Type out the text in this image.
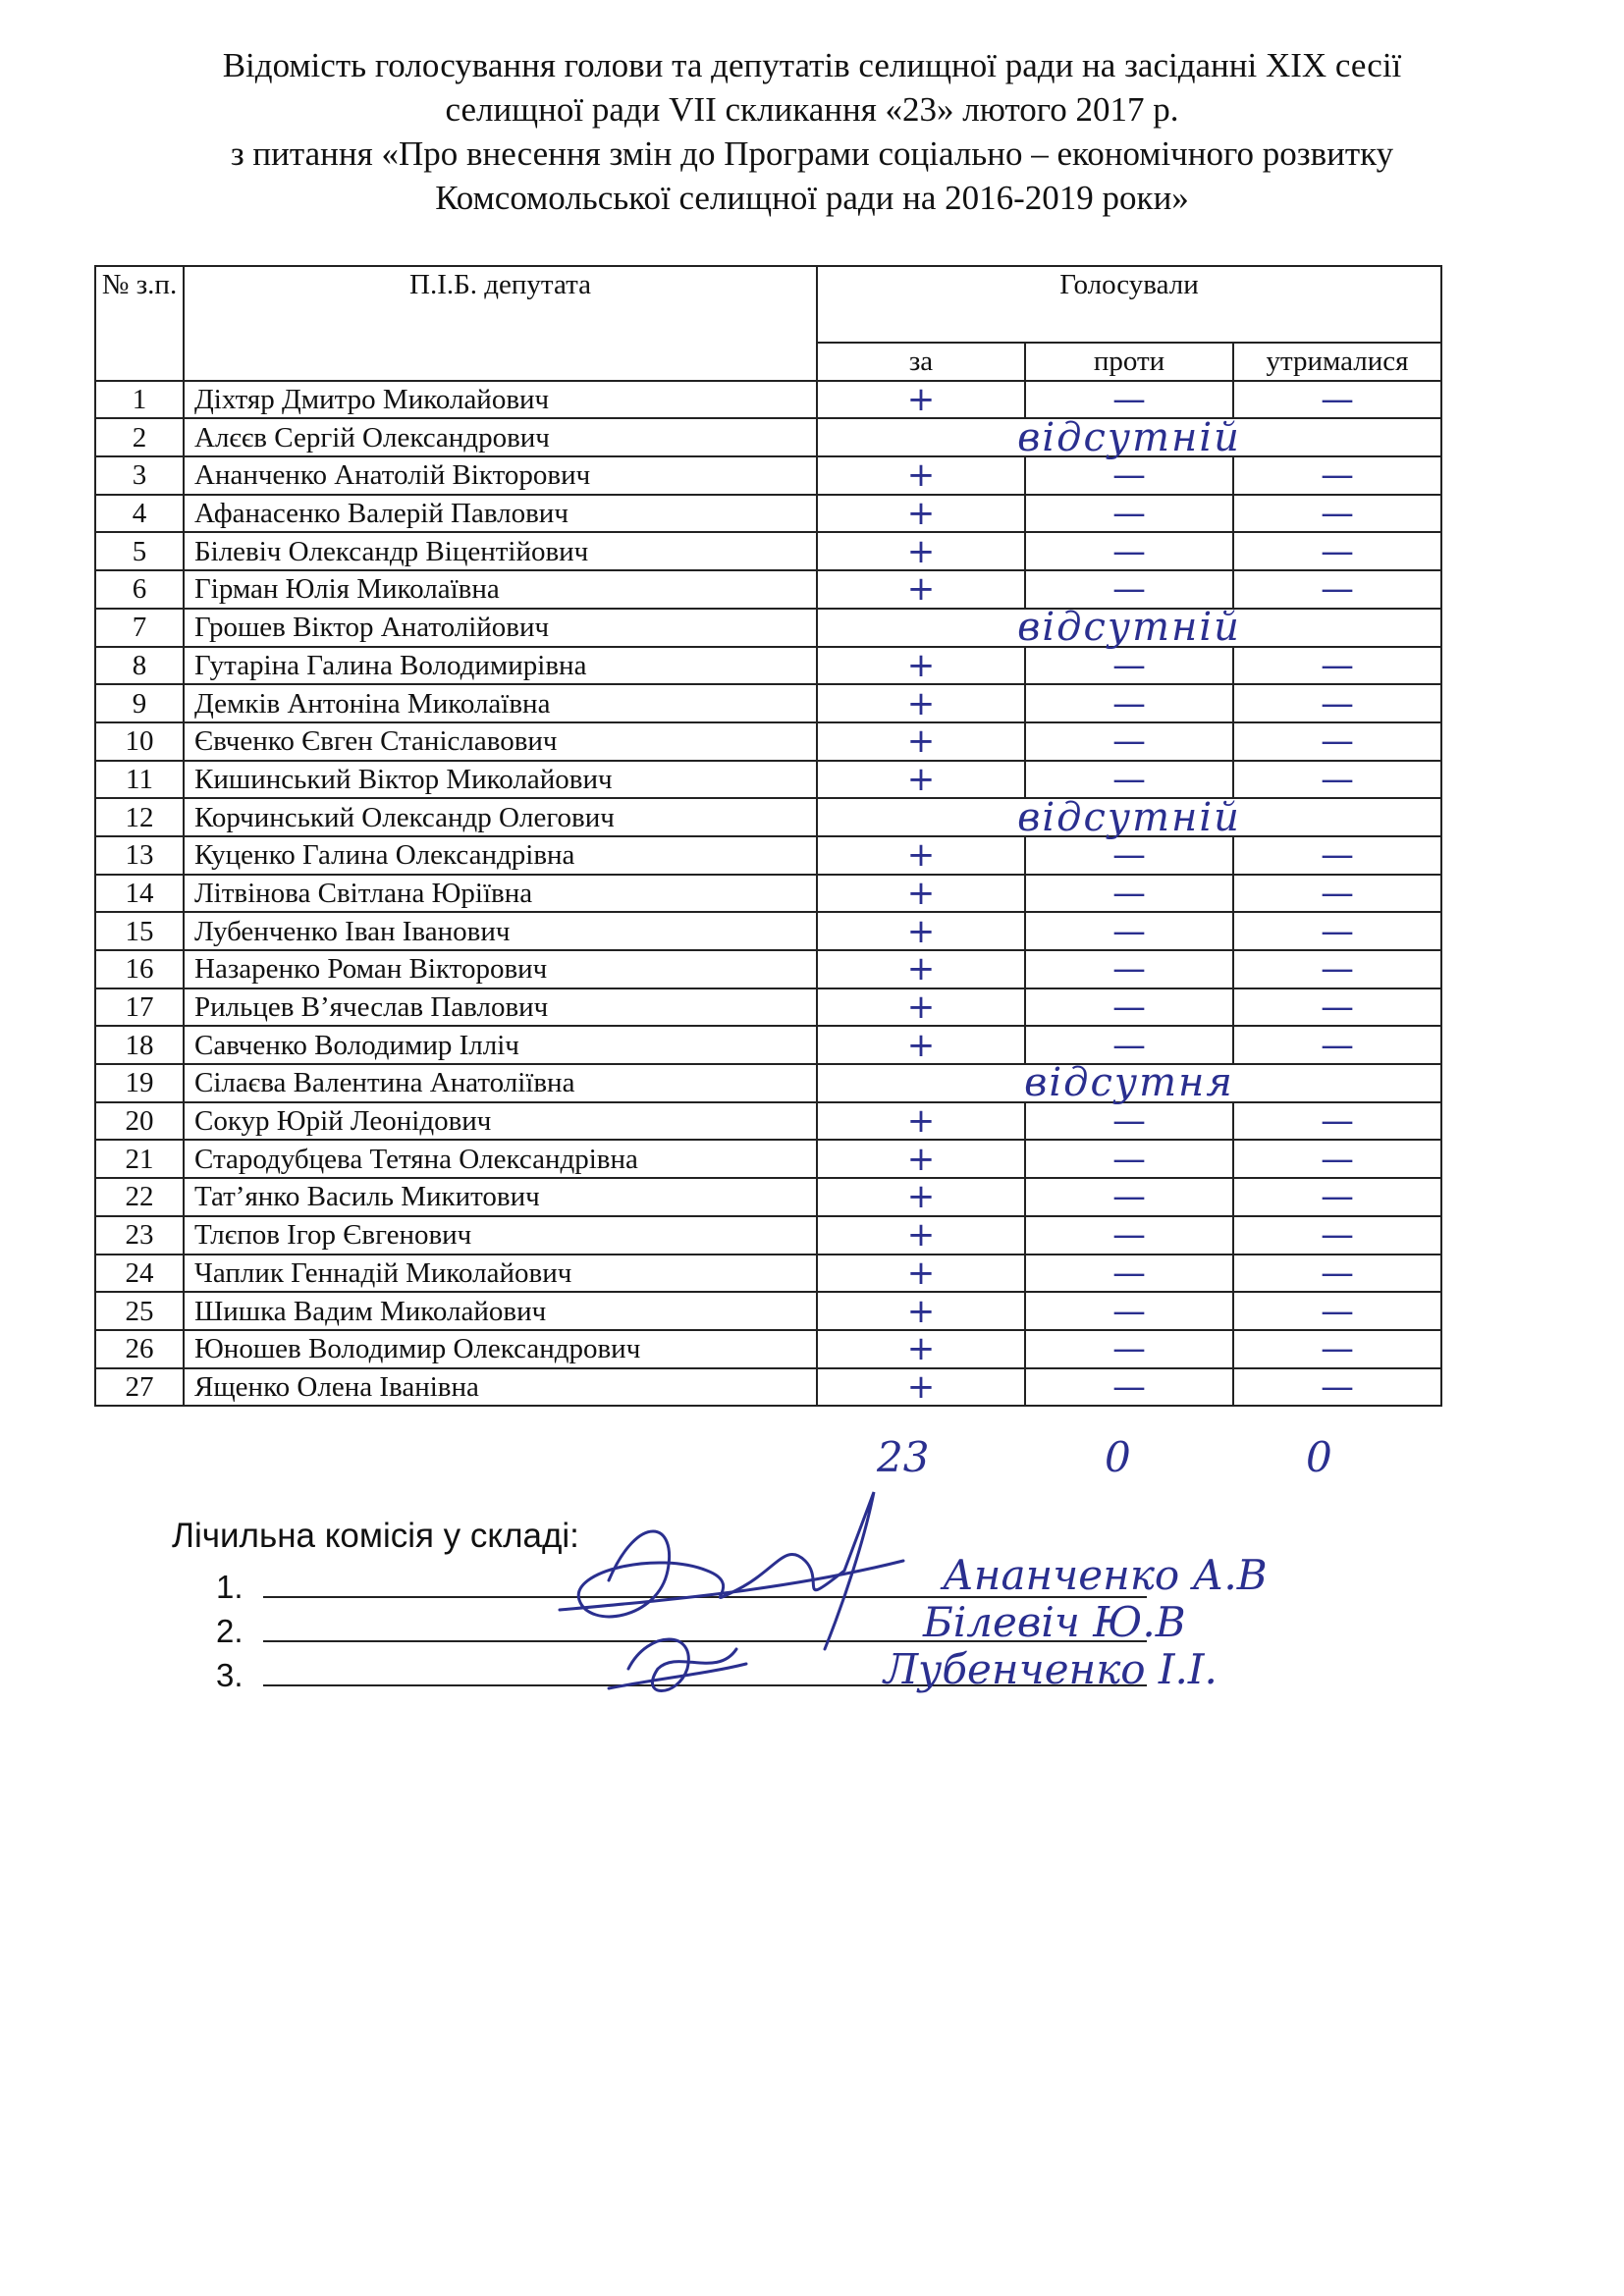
Відомість голосування голови та депутатів селищної ради на засіданні XIX сесії
селищної ради VII скликання «23» лютого 2017 р.
з питання «Про внесення змін до Програми соціально – економічного розвитку
Комсомольської селищної ради на 2016-2019 роки»
№ з.п.	П.І.Б. депутата	Голосували		
		за	проти	утрималися
1	Діхтяр Дмитро Миколайович	+	—	—
2	Алєєв Сергій Олександрович	відсутній		
3	Ананченко Анатолій Вікторович	+	—	—
4	Афанасенко Валерій Павлович	+	—	—
5	Білевіч Олександр Віцентійович	+	—	—
6	Гірман Юлія Миколаївна	+	—	—
7	Грошев Віктор Анатолійович	відсутній		
8	Гутаріна Галина Володимирівна	+	—	—
9	Демків Антоніна Миколаївна	+	—	—
10	Євченко Євген Станіславович	+	—	—
11	Кишинський Віктор Миколайович	+	—	—
12	Корчинський Олександр Олегович	відсутній		
13	Куценко Галина Олександрівна	+	—	—
14	Літвінова Світлана Юріївна	+	—	—
15	Лубенченко Іван Іванович	+	—	—
16	Назаренко Роман Вікторович	+	—	—
17	Рильцев В’ячеслав Павлович	+	—	—
18	Савченко Володимир Ілліч	+	—	—
19	Сілаєва Валентина Анатоліївна	відсутня		
20	Сокур Юрій Леонідович	+	—	—
21	Стародубцева Тетяна Олександрівна	+	—	—
22	Тат’янко Василь Микитович	+	—	—
23	Тлєпов Ігор Євгенович	+	—	—
24	Чаплик Геннадій Миколайович	+	—	—
25	Шишка Вадим Миколайович	+	—	—
26	Юношев Володимир Олександрович	+	—	—
27	Ященко Олена Іванівна	+	—	—
23	0	0
Лічильна комісія у складі:
1.
2.
3.
Ананченко А.В
Білевіч Ю.В
Лубенченко І.І.
